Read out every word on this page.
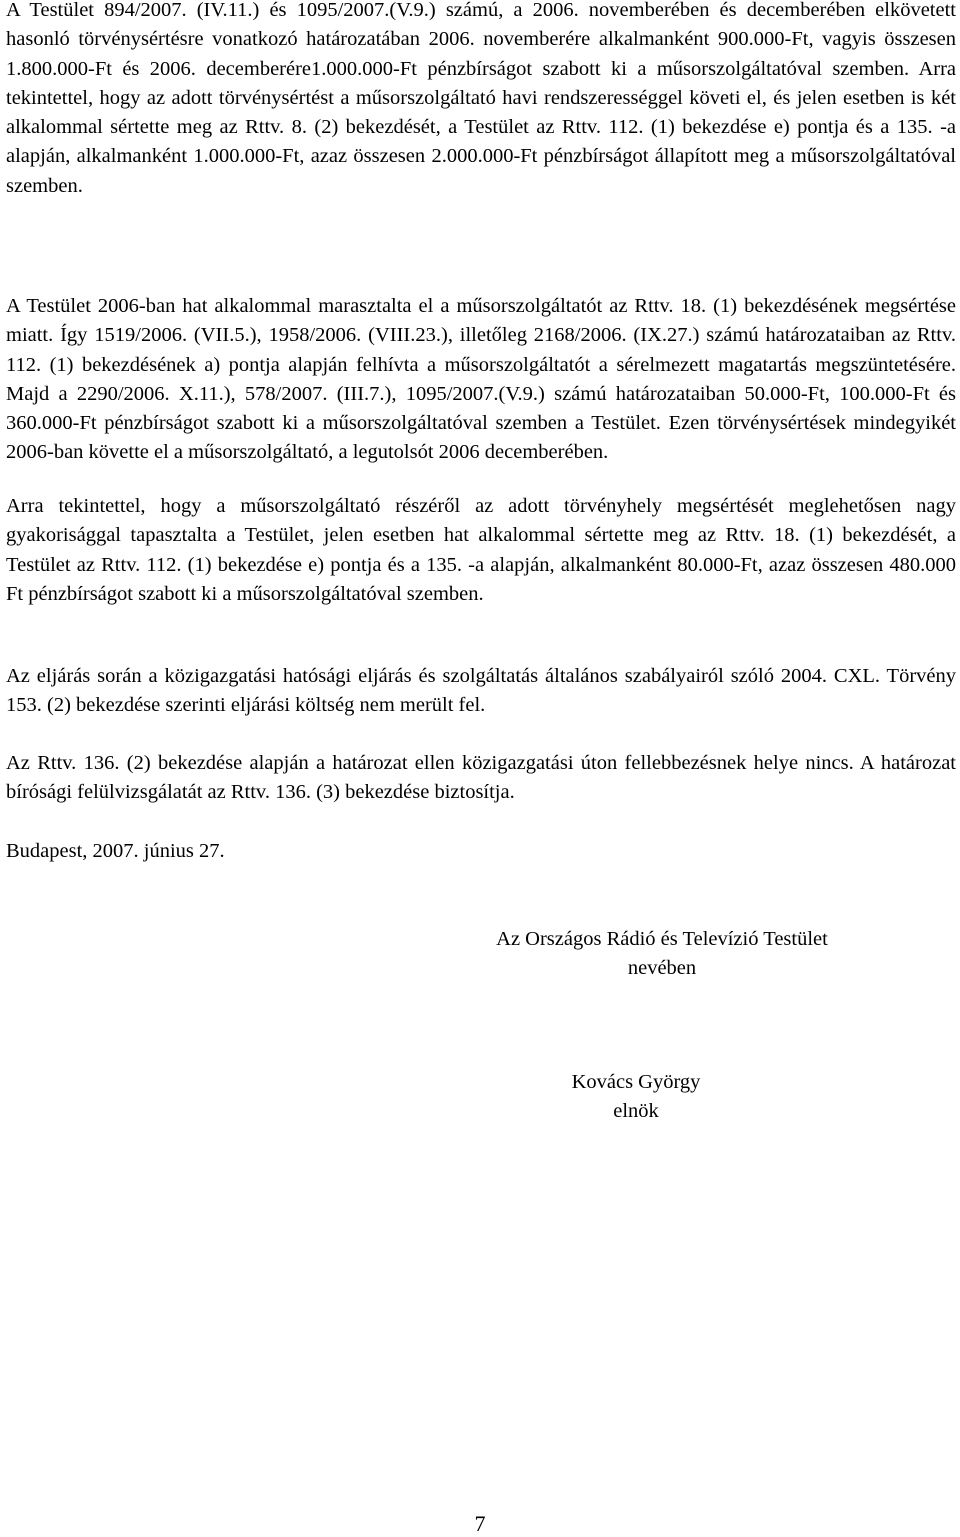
A Testület 894/2007. (IV.11.) és 1095/2007.(V.9.) számú, a 2006. novemberében és decemberében elkövetett hasonló törvénysértésre vonatkozó határozatában 2006. novemberére alkalmanként 900.000-Ft, vagyis összesen 1.800.000-Ft és 2006. decemberére1.000.000-Ft pénzbírságot szabott ki a műsorszolgáltatóval szemben. Arra tekintettel, hogy az adott törvénysértést a műsorszolgáltató havi rendszerességgel követi el, és jelen esetben is két alkalommal sértette meg az Rttv. 8. (2) bekezdését, a Testület az Rttv. 112. (1) bekezdése e) pontja és a 135. -a alapján, alkalmanként 1.000.000-Ft, azaz összesen 2.000.000-Ft pénzbírságot állapított meg a műsorszolgáltatóval szemben.

A Testület 2006-ban hat alkalommal marasztalta el a műsorszolgáltatót az Rttv. 18. (1) bekezdésének megsértése miatt. Így 1519/2006. (VII.5.), 1958/2006. (VIII.23.), illetőleg 2168/2006. (IX.27.) számú határozataiban az Rttv. 112. (1) bekezdésének a) pontja alapján felhívta a műsorszolgáltatót a sérelmezett magatartás megszüntetésére. Majd a 2290/2006. X.11.), 578/2007. (III.7.), 1095/2007.(V.9.) számú határozataiban 50.000-Ft, 100.000-Ft és 360.000-Ft pénzbírságot szabott ki a műsorszolgáltatóval szemben a Testület. Ezen törvénysértések mindegyikét 2006-ban követte el a műsorszolgáltató, a legutolsót 2006 decemberében.

Arra tekintettel, hogy a műsorszolgáltató részéről az adott törvényhely megsértését meglehetősen nagy gyakorisággal tapasztalta a Testület, jelen esetben hat alkalommal sértette meg az Rttv. 18. (1) bekezdését, a Testület az Rttv. 112. (1) bekezdése e) pontja és a 135. -a alapján, alkalmanként 80.000-Ft, azaz összesen 480.000 Ft pénzbírságot szabott ki a műsorszolgáltatóval szemben.

Az eljárás során a közigazgatási hatósági eljárás és szolgáltatás általános szabályairól szóló 2004. CXL. Törvény 153. (2) bekezdése szerinti eljárási költség nem merült fel.

Az Rttv. 136. (2) bekezdése alapján a határozat ellen közigazgatási úton fellebbezésnek helye nincs. A határozat bírósági felülvizsgálatát az Rttv. 136. (3) bekezdése biztosítja.

Budapest, 2007. június 27.

Az Országos Rádió és Televízió Testület
nevében
Kovács György
elnök

7
